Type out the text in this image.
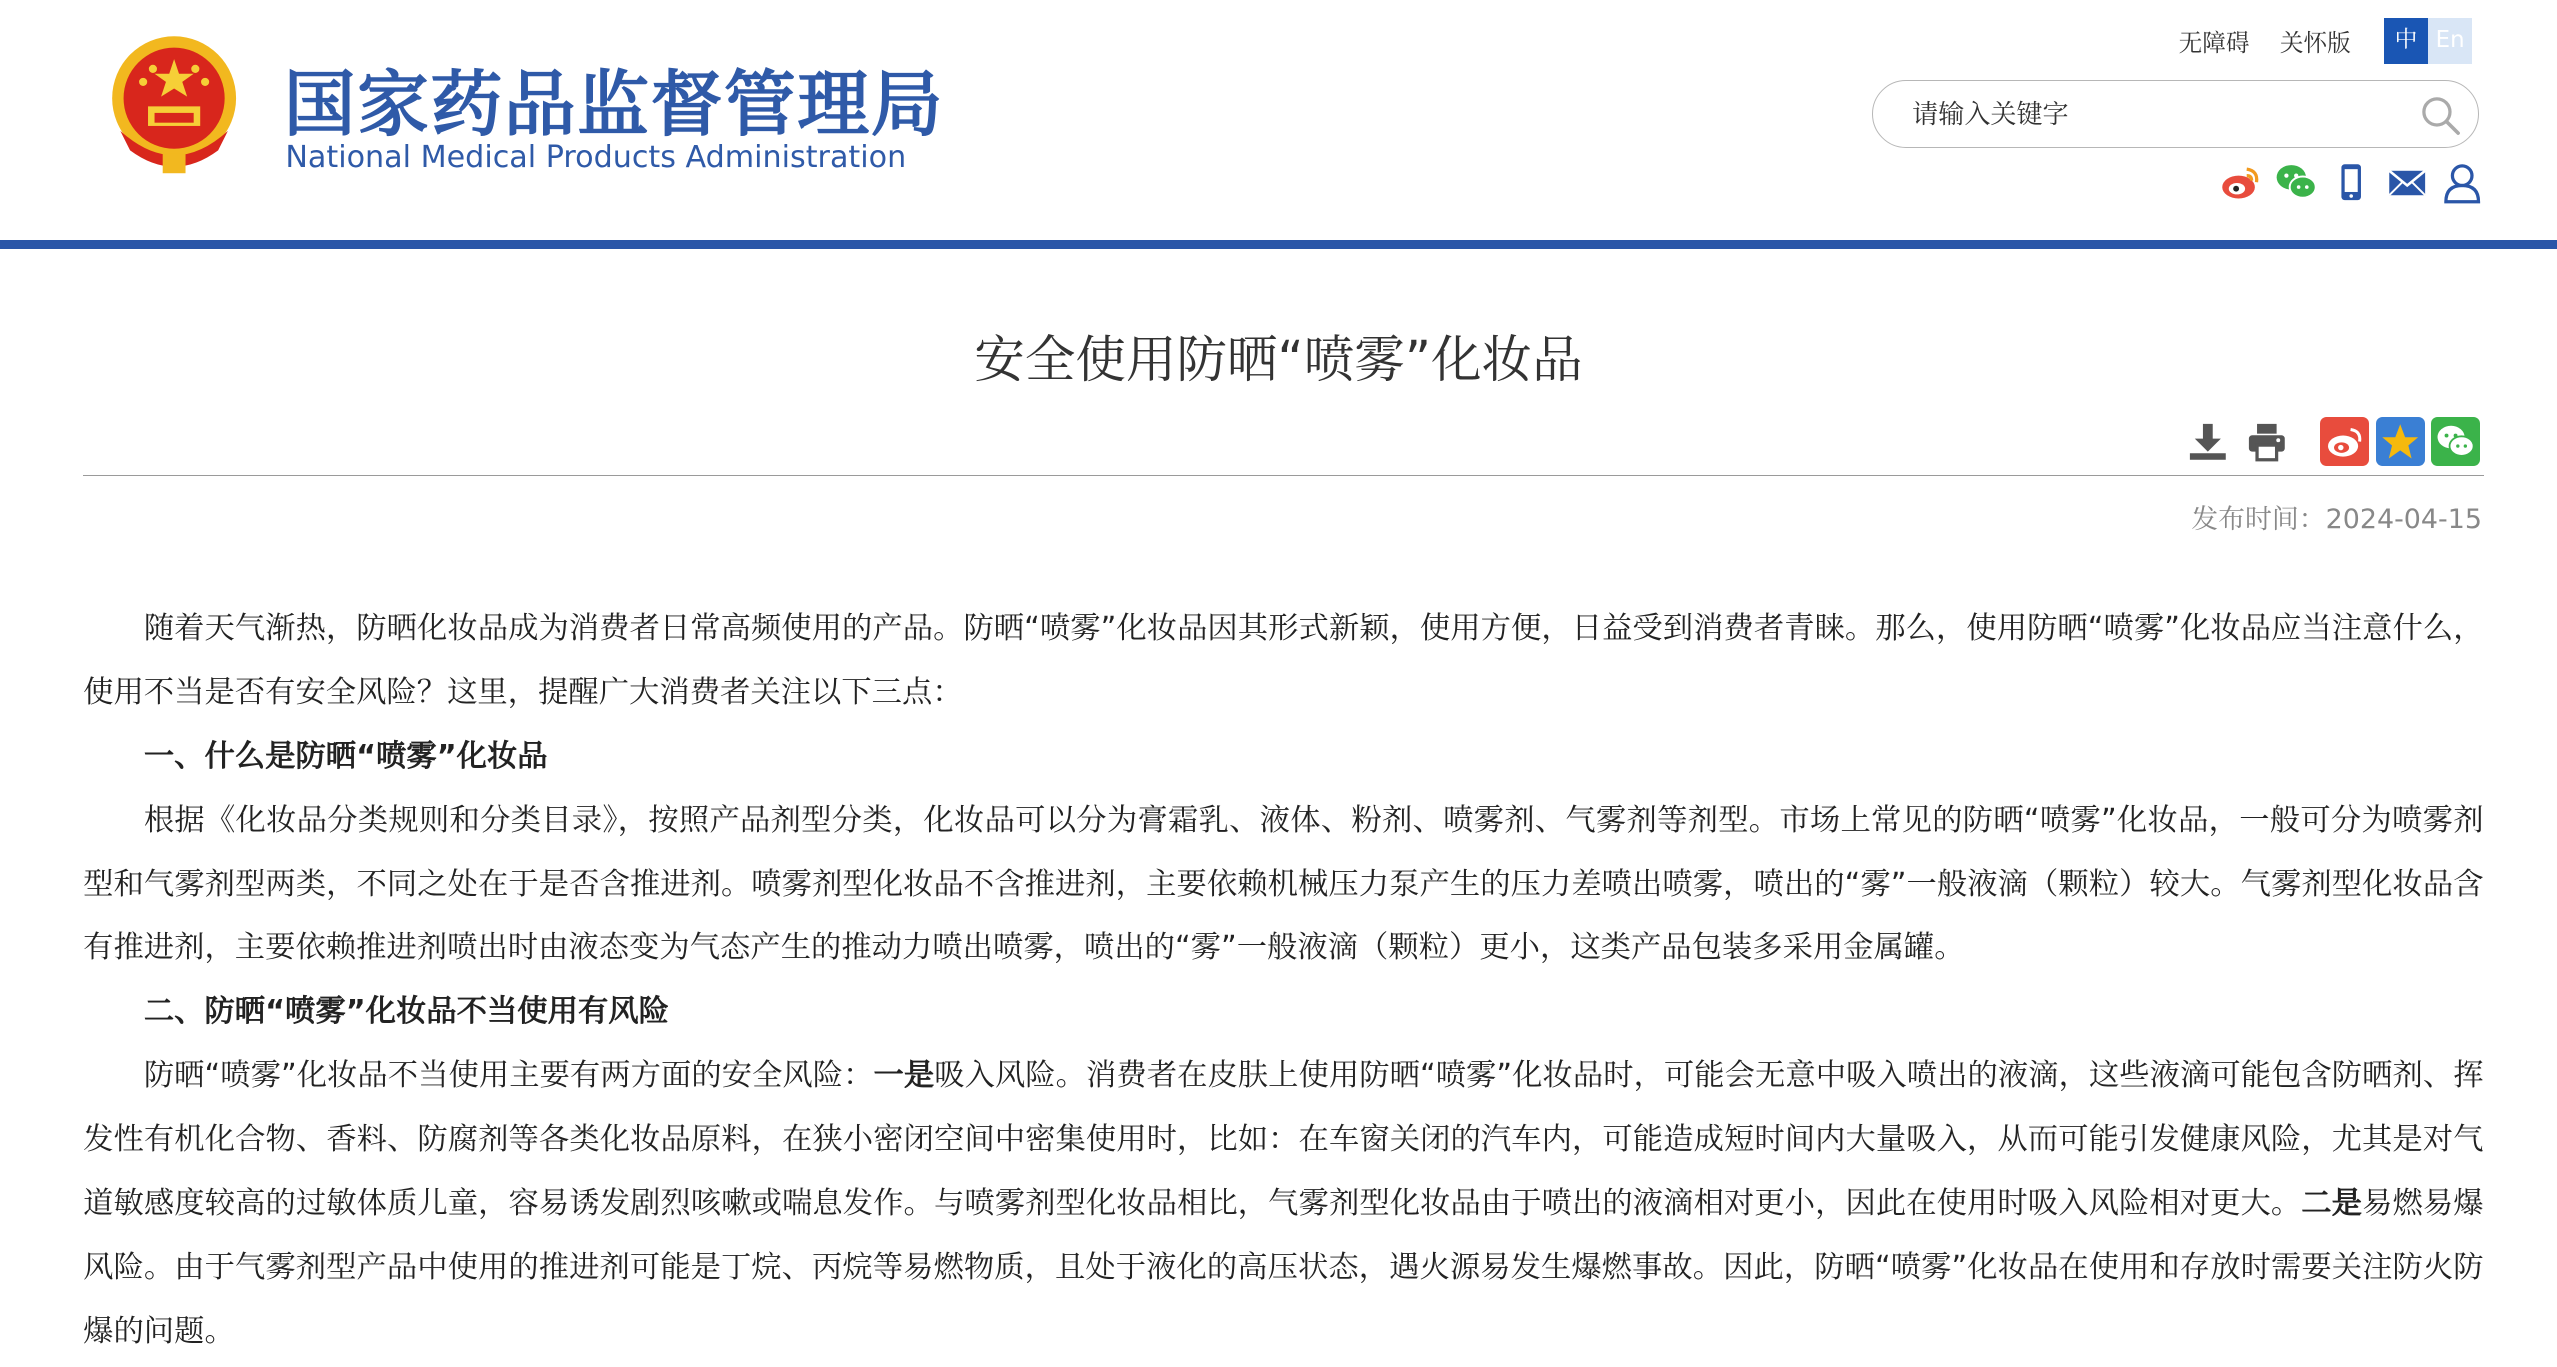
国家药品监督管理局
National Medical Products Administration
无障碍 关怀版	中	En
请输入关键字
安全使用防晒“喷雾”化妆品
发布时间：2024-04-15

随着天气渐热，防晒化妆品成为消费者日常高频使用的产品。防晒“喷雾”化妆品因其形式新颖，使用方便，日益受到消费者青睐。那么，使用防晒“喷雾”化妆品应当注意什么，使用不当是否有安全风险？这里，提醒广大消费者关注以下三点：

一、什么是防晒“喷雾”化妆品

根据《化妆品分类规则和分类目录》，按照产品剂型分类，化妆品可以分为膏霜乳、液体、粉剂、喷雾剂、气雾剂等剂型。市场上常见的防晒“喷雾”化妆品，一般可分为喷雾剂型和气雾剂型两类，不同之处在于是否含推进剂。喷雾剂型化妆品不含推进剂，主要依赖机械压力泵产生的压力差喷出喷雾，喷出的“雾”一般液滴（颗粒）较大。气雾剂型化妆品含有推进剂，主要依赖推进剂喷出时由液态变为气态产生的推动力喷出喷雾，喷出的“雾”一般液滴（颗粒）更小，这类产品包装多采用金属罐。

二、防晒“喷雾”化妆品不当使用有风险

防晒“喷雾”化妆品不当使用主要有两方面的安全风险：一是吸入风险。消费者在皮肤上使用防晒“喷雾”化妆品时，可能会无意中吸入喷出的液滴，这些液滴可能包含防晒剂、挥发性有机化合物、香料、防腐剂等各类化妆品原料，在狭小密闭空间中密集使用时，比如：在车窗关闭的汽车内，可能造成短时间内大量吸入，从而可能引发健康风险，尤其是对气道敏感度较高的过敏体质儿童，容易诱发剧烈咳嗽或喘息发作。与喷雾剂型化妆品相比，气雾剂型化妆品由于喷出的液滴相对更小，因此在使用时吸入风险相对更大。二是易燃易爆风险。由于气雾剂型产品中使用的推进剂可能是丁烷、丙烷等易燃物质，且处于液化的高压状态，遇火源易发生爆燃事故。因此，防晒“喷雾”化妆品在使用和存放时需要关注防火防爆的问题。
